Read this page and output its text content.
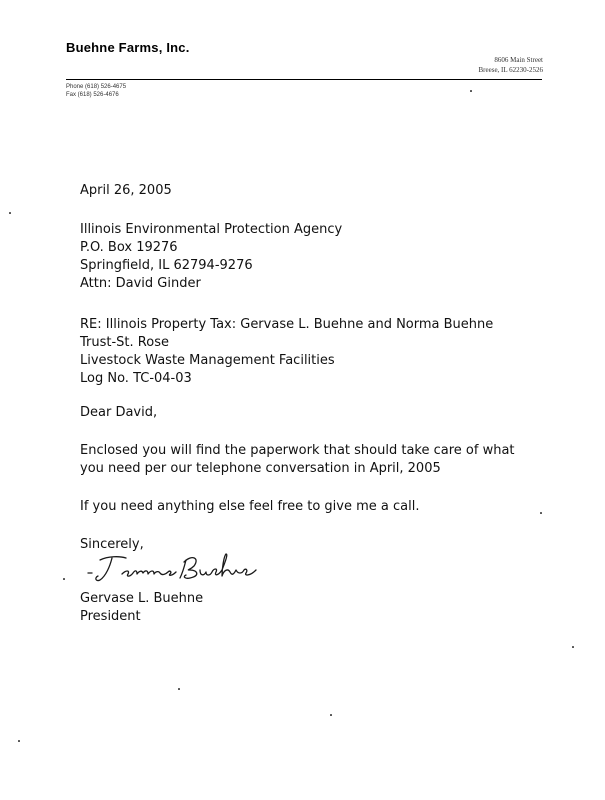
Buehne Farms, Inc.
8606 Main Street
Breese, IL 62230-2526
Phone (618) 526-4675
Fax (618) 526-4676
April 26, 2005
Illinois Environmental Protection Agency
P.O. Box 19276
Springfield, IL 62794-9276
Attn: David Ginder
RE: Illinois Property Tax: Gervase L. Buehne and Norma Buehne
Trust-St. Rose
Livestock Waste Management Facilities
Log No. TC-04-03
Dear David,
Enclosed you will find the paperwork that should take care of what
you need per our telephone conversation in April, 2005
If you need anything else feel free to give me a call.
Sincerely,
Gervase L. Buehne
President
